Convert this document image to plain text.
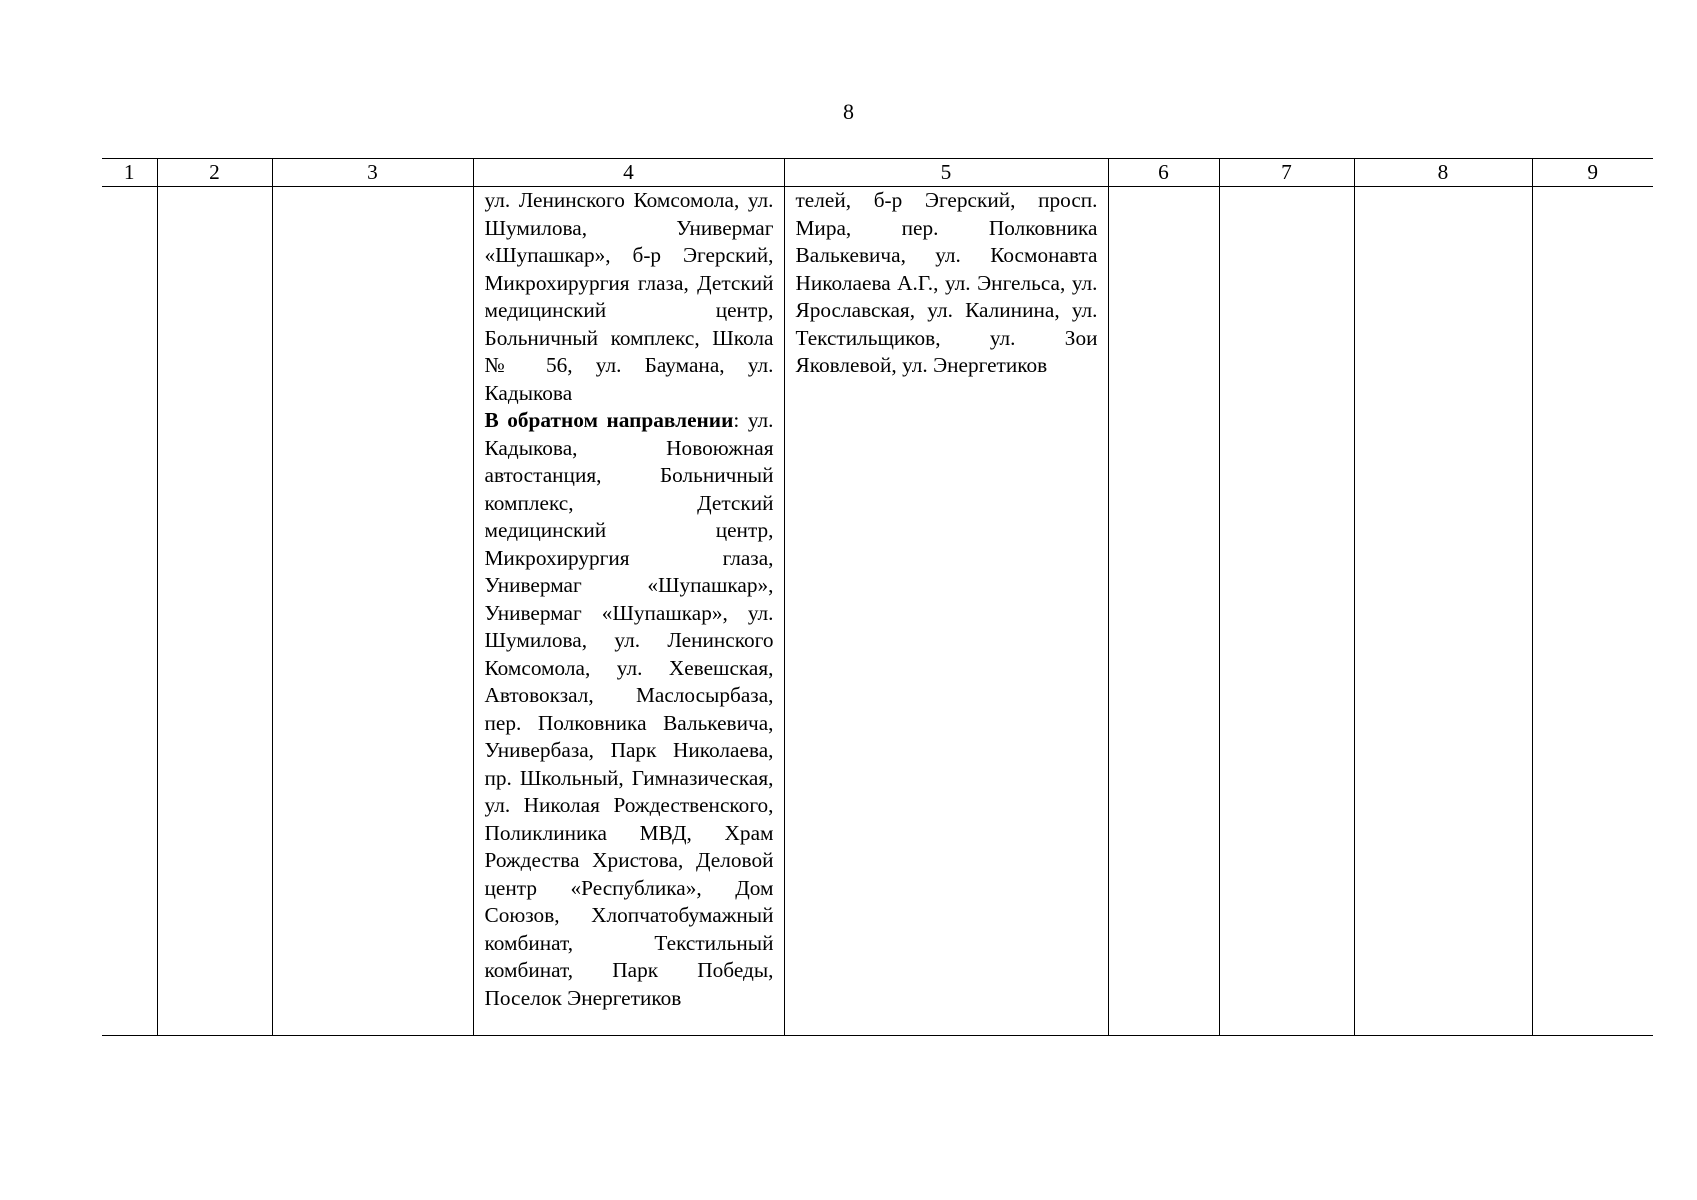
8
1	2	3	4	5	6	7	8	9

			ул. Ленинского Комсомола, ул. Шумилова, Универмаг «Шупашкар», б-р Эгерский, Микрохирургия глаза, Детский медицинский центр, Больничный комплекс, Школа № 56, ул. Баумана, ул. Кадыкова
В обратном направлении: ул. Кадыкова, Новоюжная автостанция, Больничный комплекс, Детский медицинский центр, Микрохирургия глаза, Универмаг «Шупашкар», Универмаг «Шупашкар», ул. Шумилова, ул. Ленинского Комсомола, ул. Хевешская, Автовокзал, Маслосырбаза, пер. Полковника Валькевича, Универбаза, Парк Николаева, пр. Школьный, Гимназическая, ул. Николая Рождественского, Поликлиника МВД, Храм Рождества Христова, Деловой центр «Республика», Дом Союзов, Хлопчатобумажный комбинат, Текстильный комбинат, Парк Победы, Поселок Энергетиков	телей, б-р Эгерский, просп. Мира, пер. Полковника Валькевича, ул. Космонавта Николаева А.Г., ул. Энгельса, ул. Ярославская, ул. Калинина, ул. Текстильщиков, ул. Зои Яковлевой, ул. Энергетиков				
